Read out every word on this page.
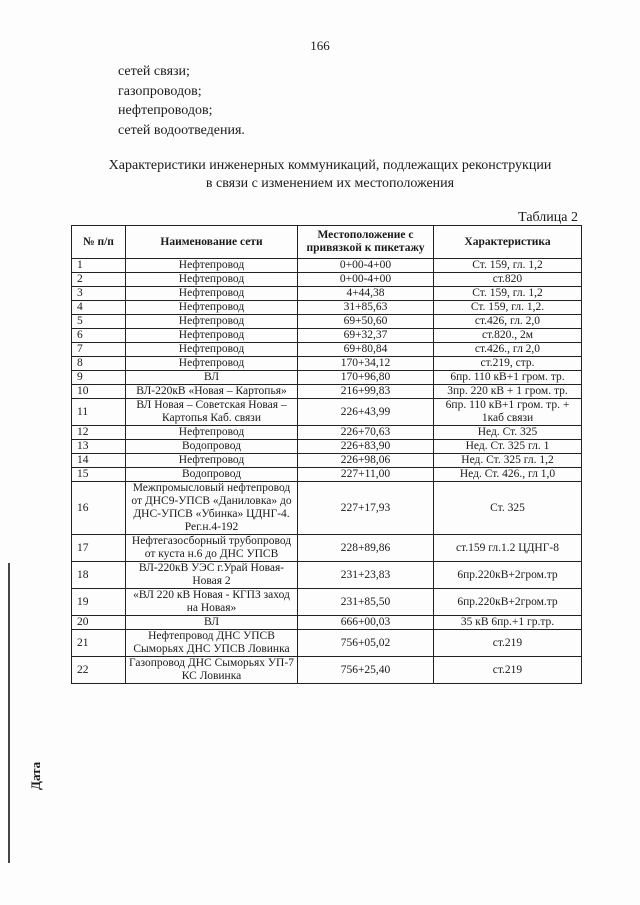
166
сетей связи;
газопроводов;
нефтепроводов;
сетей водоотведения.
Характеристики инженерных коммуникаций, подлежащих реконструкции
в связи с изменением их местоположения
Таблица 2
№ п/п	Наименование сети	Местоположение с привязкой к пикетажу	Характеристика
1	Нефтепровод	0+00-4+00	Ст. 159, гл. 1,2
2	Нефтепровод	0+00-4+00	ст.820
3	Нефтепровод	4+44,38	Ст. 159, гл. 1,2
4	Нефтепровод	31+85,63	Ст. 159, гл. 1,2.
5	Нефтепровод	69+50,60	ст.426, гл. 2,0
6	Нефтепровод	69+32,37	ст.820., 2м
7	Нефтепровод	69+80,84	ст.426., гл 2,0
8	Нефтепровод	170+34,12	ст.219, стр.
9	ВЛ	170+96,80	6пр. 110 кВ+1 гром. тр.
10	ВЛ-220кВ «Новая – Картопья»	216+99,83	3пр. 220 кВ + 1 гром. тр.
11	ВЛ Новая – Советская Новая – Картопья Каб. связи	226+43,99	6пр. 110 кВ+1 гром. тр. + 1каб связи
12	Нефтепровод	226+70,63	Нед. Ст. 325
13	Водопровод	226+83,90	Нед. Ст. 325 гл. 1
14	Нефтепровод	226+98,06	Нед. Ст. 325 гл. 1,2
15	Водопровод	227+11,00	Нед. Ст. 426., гл 1,0
16	Межпромысловый нефтепровод от ДНС9-УПСВ «Даниловка» до ДНС-УПСВ «Убинка» ЦДНГ-4. Рег.н.4-192	227+17,93	Ст. 325
17	Нефтегазосборный трубопровод от куста н.6 до ДНС УПСВ	228+89,86	ст.159 гл.1.2 ЦДНГ-8
18	ВЛ-220кВ УЭС г.Урай Новая-Новая 2	231+23,83	6пр.220кВ+2гром.тр
19	«ВЛ 220 кВ Новая - КГПЗ заход на Новая»	231+85,50	6пр.220кВ+2гром.тр
20	ВЛ	666+00,03	35 кВ 6пр.+1 гр.тр.
21	Нефтепровод ДНС УПСВ Сыморьях ДНС УПСВ Ловинка	756+05,02	ст.219
22	Газопровод ДНС Сыморьях УП-7 КС Ловинка	756+25,40	ст.219
Дата
